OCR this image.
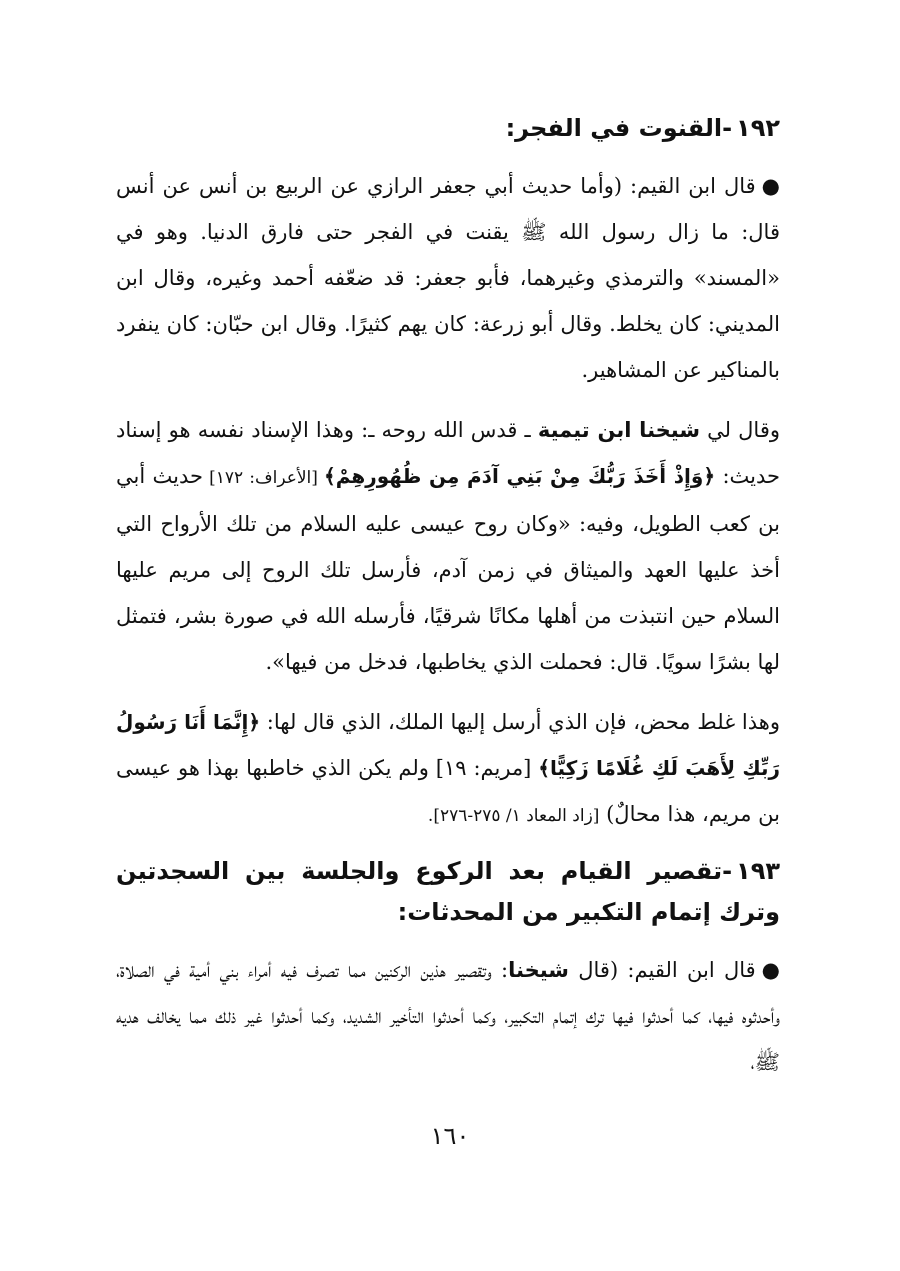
١٩٢-القنوت في الفجر:

●قال ابن القيم: (وأما حديث أبي جعفر الرازي عن الربيع بن أنس عن أنس قال: ما زال رسول الله ﷺ يقنت في الفجر حتى فارق الدنيا. وهو في «المسند» والترمذي وغيرهما، فأبو جعفر: قد ضعّفه أحمد وغيره، وقال ابن المديني: كان يخلط. وقال أبو زرعة: كان يهم كثيرًا. وقال ابن حبّان: كان ينفرد بالمناكير عن المشاهير.

وقال لي شيخنا ابن تيمية ـ قدس الله روحه ـ: وهذا الإسناد نفسه هو إسناد حديث: ﴿وَإِذْ أَخَذَ رَبُّكَ مِنْ بَنِي آدَمَ مِن ظُهُورِهِمْ﴾ [الأعراف: ١٧٢] حديث أبي بن كعب الطويل، وفيه: «وكان روح عيسى عليه السلام من تلك الأرواح التي أخذ عليها العهد والميثاق في زمن آدم، فأرسل تلك الروح إلى مريم عليها السلام حين انتبذت من أهلها مكانًا شرقيًا، فأرسله الله في صورة بشر، فتمثل لها بشرًا سويًا. قال: فحملت الذي يخاطبها، فدخل من فيها».

وهذا غلط محض، فإن الذي أرسل إليها الملك، الذي قال لها: ﴿إِنَّمَا أَنَا رَسُولُ رَبِّكِ لِأَهَبَ لَكِ غُلَامًا زَكِيًّا﴾ [مريم: ١٩] ولم يكن الذي خاطبها بهذا هو عيسى بن مريم، هذا محالٌ) [زاد المعاد ١/ ٢٧٥-٢٧٦].

١٩٣-تقصير القيام بعد الركوع والجلسة بين السجدتين وترك إتمام التكبير من المحدثات:

●قال ابن القيم: (قال شيخنا: وتقصير هذين الركنين مما تصرف فيه أمراء بني أمية في الصلاة، وأحدثوه فيها، كما أحدثوا فيها ترك إتمام التكبير، وكما أحدثوا التأخير الشديد، وكما أحدثوا غير ذلك مما يخالف هديه ﷺ،

١٦٠
